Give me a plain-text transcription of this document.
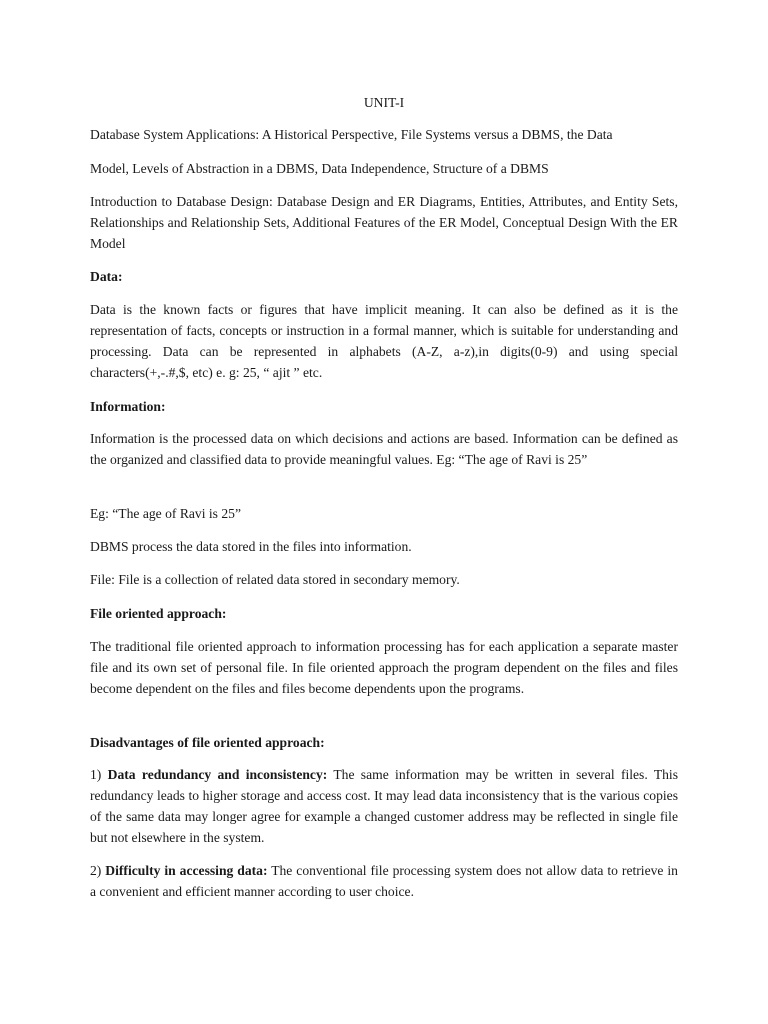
UNIT-I
Database System Applications: A Historical Perspective, File Systems versus a DBMS, the Data
Model, Levels of Abstraction in a DBMS, Data Independence, Structure of a DBMS
Introduction to Database Design: Database Design and ER Diagrams, Entities, Attributes, and Entity Sets, Relationships and Relationship Sets, Additional Features of the ER Model, Conceptual Design With the ER Model
Data:
Data is the known facts or figures that have implicit meaning. It can also be defined as it is the representation of facts, concepts or instruction in a formal manner, which is suitable for understanding and processing. Data can be represented in alphabets (A-Z, a-z),in digits(0-9) and using special characters(+,-.#,$, etc) e. g: 25, “ ajit ” etc.
Information:
Information is the processed data on which decisions and actions are based. Information can be defined as the organized and classified data to provide meaningful values. Eg: “The age of Ravi is 25”
Eg: “The age of Ravi is 25”
DBMS process the data stored in the files into information.
File: File is a collection of related data stored in secondary memory.
File oriented approach:
The traditional file oriented approach to information processing has for each application a separate master file and its own set of personal file. In file oriented approach the program dependent on the files and files become dependent on the files and files become dependents upon the programs.
Disadvantages of file oriented approach:
1) Data redundancy and inconsistency: The same information may be written in several files. This redundancy leads to higher storage and access cost. It may lead data inconsistency that is the various copies of the same data may longer agree for example a changed customer address may be reflected in single file but not elsewhere in the system.
2) Difficulty in accessing data: The conventional file processing system does not allow data to retrieve in a convenient and efficient manner according to user choice.
